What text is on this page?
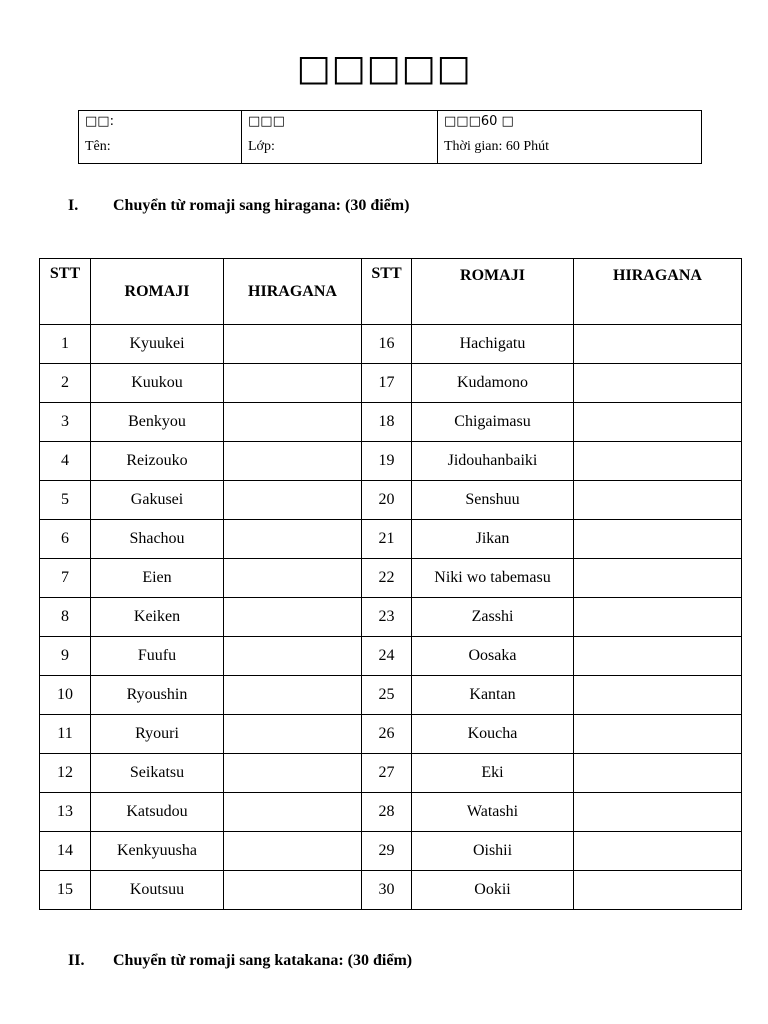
□□□□□
□□:
Tên:

□□□
Lớp:

□□□60 □
Thời gian: 60 Phút
I.	Chuyển từ romaji sang hiragana: (30 điểm)
STT	ROMAJI	HIRAGANA	STT	ROMAJI	HIRAGANA
1	Kyuukei		16	Hachigatu	
2	Kuukou		17	Kudamono	
3	Benkyou		18	Chigaimasu	
4	Reizouko		19	Jidouhanbaiki	
5	Gakusei		20	Senshuu	
6	Shachou		21	Jikan	
7	Eien		22	Niki wo tabemasu	
8	Keiken		23	Zasshi	
9	Fuufu		24	Oosaka	
10	Ryoushin		25	Kantan	
11	Ryouri		26	Koucha	
12	Seikatsu		27	Eki	
13	Katsudou		28	Watashi	
14	Kenkyuusha		29	Oishii	
15	Koutsuu		30	Ookii	
II.	Chuyển từ romaji sang katakana: (30 điểm)
